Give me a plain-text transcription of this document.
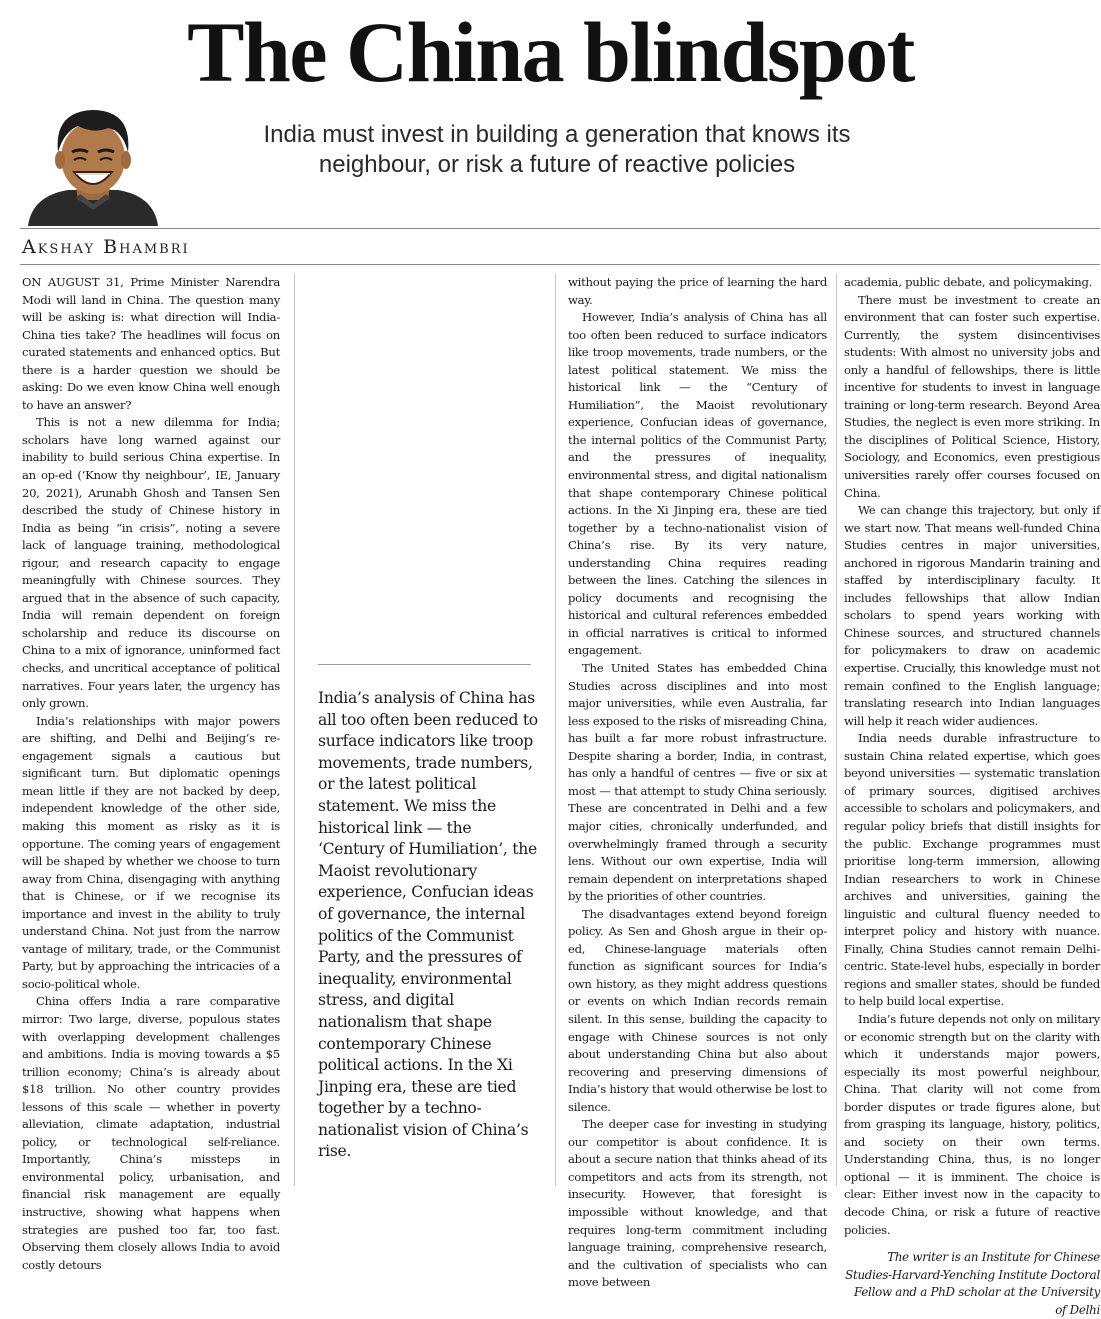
The China blindspot
India must invest in building a generation that knows its neighbour, or risk a future of reactive policies
Akshay Bhambri

ON AUGUST 31, Prime Minister Narendra Modi will land in China. The question many will be asking is: what direction will India-China ties take? The headlines will focus on curated statements and enhanced optics. But there is a harder question we should be asking: Do we even know China well enough to have an answer?

This is not a new dilemma for India; scholars have long warned against our inability to build serious China expertise. In an op-ed (‘Know thy neighbour’, IE, January 20, 2021), Arunabh Ghosh and Tansen Sen described the study of Chinese history in India as being “in crisis”, noting a severe lack of language training, methodological rigour, and research capacity to engage meaningfully with Chinese sources. They argued that in the absence of such capacity, India will remain dependent on foreign scholarship and reduce its discourse on China to a mix of ignorance, uninformed fact checks, and uncritical acceptance of political narratives. Four years later, the urgency has only grown.

India’s relationships with major powers are shifting, and Delhi and Beijing’s re-engagement signals a cautious but significant turn. But diplomatic openings mean little if they are not backed by deep, independent knowledge of the other side, making this moment as risky as it is opportune. The coming years of engagement will be shaped by whether we choose to turn away from China, disengaging with anything that is Chinese, or if we recognise its importance and invest in the ability to truly understand China. Not just from the narrow vantage of military, trade, or the Communist Party, but by approaching the intricacies of a socio-political whole.

China offers India a rare comparative mirror: Two large, diverse, populous states with overlapping development challenges and ambitions. India is moving towards a $5 trillion economy; China’s is already about $18 trillion. No other country provides lessons of this scale — whether in poverty alleviation, climate adaptation, industrial policy, or technological self-reliance. Importantly, China’s missteps in environmental policy, urbanisation, and financial risk management are equally instructive, showing what happens when strategies are pushed too far, too fast. Observing them closely allows India to avoid costly detours

India’s analysis of China has all too often been reduced to surface indicators like troop movements, trade numbers, or the latest political statement. We miss the historical link — the ‘Century of Humiliation’, the Maoist revolutionary experience, Confucian ideas of governance, the internal politics of the Communist Party, and the pressures of inequality, environmental stress, and digital nationalism that shape contemporary Chinese political actions. In the Xi Jinping era, these are tied together by a techno-nationalist vision of China’s rise.

without paying the price of learning the hard way.

However, India’s analysis of China has all too often been reduced to surface indicators like troop movements, trade numbers, or the latest political statement. We miss the historical link — the “Century of Humiliation”, the Maoist revolutionary experience, Confucian ideas of governance, the internal politics of the Communist Party, and the pressures of inequality, environmental stress, and digital nationalism that shape contemporary Chinese political actions. In the Xi Jinping era, these are tied together by a techno-nationalist vision of China’s rise. By its very nature, understanding China requires reading between the lines. Catching the silences in policy documents and recognising the historical and cultural references embedded in official narratives is critical to informed engagement.

The United States has embedded China Studies across disciplines and into most major universities, while even Australia, far less exposed to the risks of misreading China, has built a far more robust infrastructure. Despite sharing a border, India, in contrast, has only a handful of centres — five or six at most — that attempt to study China seriously. These are concentrated in Delhi and a few major cities, chronically underfunded, and overwhelmingly framed through a security lens. Without our own expertise, India will remain dependent on interpretations shaped by the priorities of other countries.

The disadvantages extend beyond foreign policy. As Sen and Ghosh argue in their op-ed, Chinese-language materials often function as significant sources for India’s own history, as they might address questions or events on which Indian records remain silent. In this sense, building the capacity to engage with Chinese sources is not only about understanding China but also about recovering and preserving dimensions of India’s history that would otherwise be lost to silence.

The deeper case for investing in studying our competitor is about confidence. It is about a secure nation that thinks ahead of its competitors and acts from its strength, not insecurity. However, that foresight is impossible without knowledge, and that requires long-term commitment including language training, comprehensive research, and the cultivation of specialists who can move between

academia, public debate, and policymaking.

There must be investment to create an environment that can foster such expertise. Currently, the system disincentivises students: With almost no university jobs and only a handful of fellowships, there is little incentive for students to invest in language training or long-term research. Beyond Area Studies, the neglect is even more striking. In the disciplines of Political Science, History, Sociology, and Economics, even prestigious universities rarely offer courses focused on China.

We can change this trajectory, but only if we start now. That means well-funded China Studies centres in major universities, anchored in rigorous Mandarin training and staffed by interdisciplinary faculty. It includes fellowships that allow Indian scholars to spend years working with Chinese sources, and structured channels for policymakers to draw on academic expertise. Crucially, this knowledge must not remain confined to the English language; translating research into Indian languages will help it reach wider audiences.

India needs durable infrastructure to sustain China related expertise, which goes beyond universities — systematic translation of primary sources, digitised archives accessible to scholars and policymakers, and regular policy briefs that distill insights for the public. Exchange programmes must prioritise long-term immersion, allowing Indian researchers to work in Chinese archives and universities, gaining the linguistic and cultural fluency needed to interpret policy and history with nuance. Finally, China Studies cannot remain Delhi-centric. State-level hubs, especially in border regions and smaller states, should be funded to help build local expertise.

India’s future depends not only on military or economic strength but on the clarity with which it understands major powers, especially its most powerful neighbour, China. That clarity will not come from border disputes or trade figures alone, but from grasping its language, history, politics, and society on their own terms. Understanding China, thus, is no longer optional — it is imminent. The choice is clear: Either invest now in the capacity to decode China, or risk a future of reactive policies.

The writer is an Institute for Chinese Studies-Harvard-Yenching Institute Doctoral Fellow and a PhD scholar at the University of Delhi
